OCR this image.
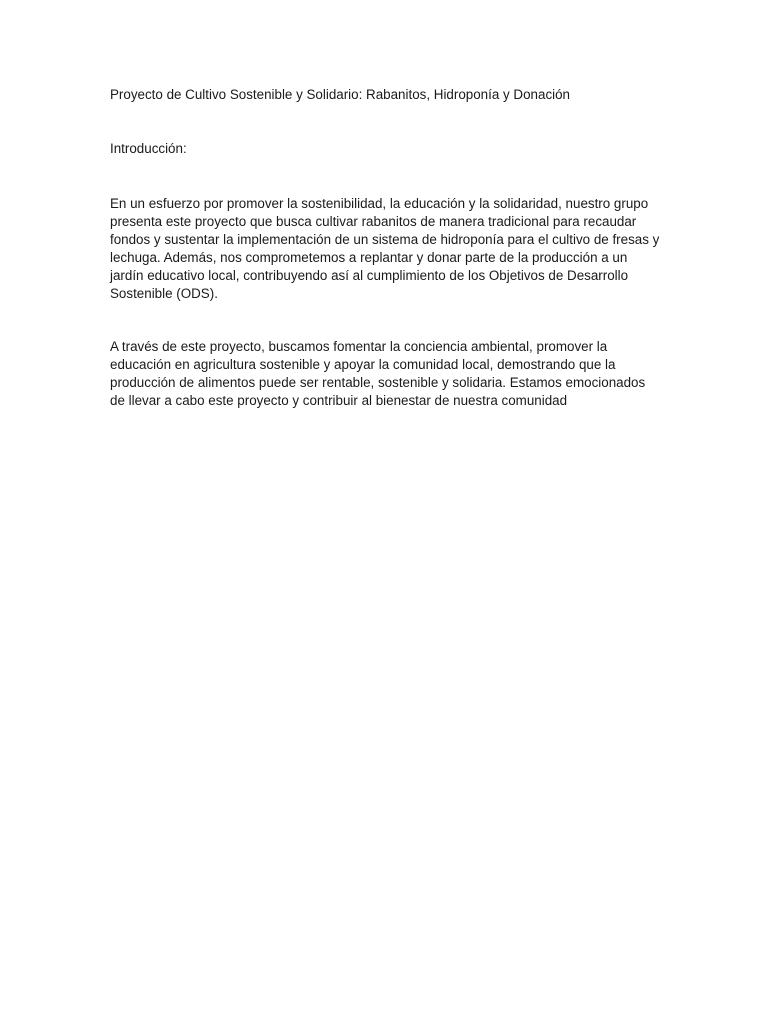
Proyecto de Cultivo Sostenible y Solidario: Rabanitos, Hidroponía y Donación

Introducción:

En un esfuerzo por promover la sostenibilidad, la educación y la solidaridad, nuestro grupo presenta este proyecto que busca cultivar rabanitos de manera tradicional para recaudar fondos y sustentar la implementación de un sistema de hidroponía para el cultivo de fresas y lechuga. Además, nos comprometemos a replantar y donar parte de la producción a un jardín educativo local, contribuyendo así al cumplimiento de los Objetivos de Desarrollo Sostenible (ODS).

A través de este proyecto, buscamos fomentar la conciencia ambiental, promover la educación en agricultura sostenible y apoyar la comunidad local, demostrando que la producción de alimentos puede ser rentable, sostenible y solidaria. Estamos emocionados de llevar a cabo este proyecto y contribuir al bienestar de nuestra comunidad
